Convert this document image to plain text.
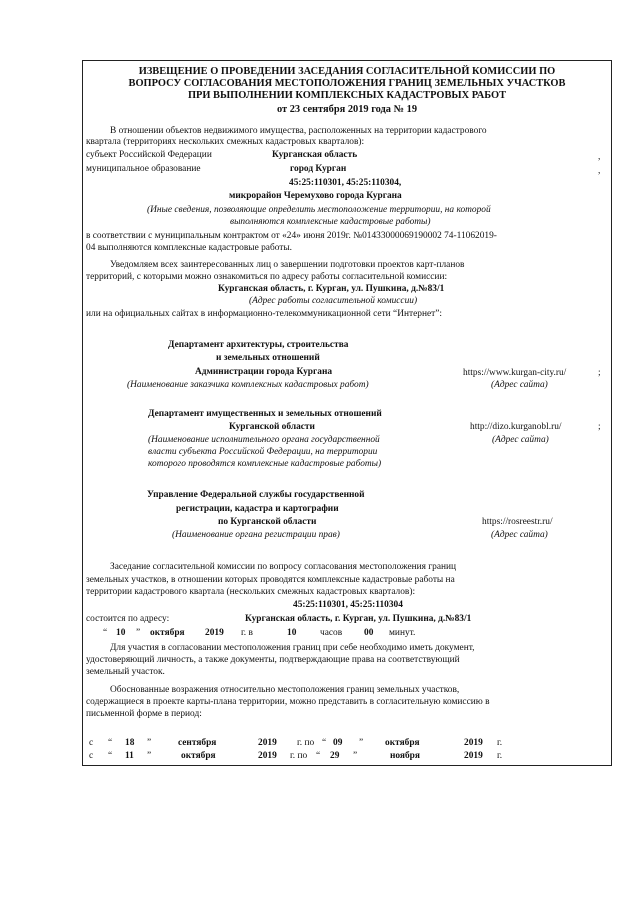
ИЗВЕЩЕНИЕ О ПРОВЕДЕНИИ ЗАСЕДАНИЯ СОГЛАСИТЕЛЬНОЙ КОМИССИИ ПО
ВОПРОСУ СОГЛАСОВАНИЯ МЕСТОПОЛОЖЕНИЯ ГРАНИЦ ЗЕМЕЛЬНЫХ УЧАСТКОВ
ПРИ ВЫПОЛНЕНИИ КОМПЛЕКСНЫХ КАДАСТРОВЫХ РАБОТ
от 23 сентября 2019 года № 19
В отношении объектов недвижимого имущества, расположенных на территории кадастрового
квартала (территориях нескольких смежных кадастровых кварталов):
субъект Российской Федерации	Курганская область	,
муниципальное образование	город Курган	,
45:25:110301, 45:25:110304,
микрорайон Черемухово города Кургана
(Иные сведения, позволяющие определить местоположение территории, на которой
выполняются комплексные кадастровые работы)
в соответствии с муниципальным контрактом от «24» июня 2019г. №01433000069190002 74-11062019-
04 выполняются комплексные кадастровые работы.
Уведомляем всех заинтересованных лиц о завершении подготовки проектов карт-планов
территорий, с которыми можно ознакомиться по адресу работы согласительной комиссии:
Курганская область, г. Курган, ул. Пушкина, д.№83/1
(Адрес работы согласительной комиссии)
или на официальных сайтах в информационно-телекоммуникационной сети “Интернет”:
Департамент архитектуры, строительства
и земельных отношений
Администрации города Кургана
(Наименование заказчика комплексных кадастровых работ)
https://www.kurgan-city.ru/	;
(Адрес сайта)
Департамент имущественных и земельных отношений
Курганской области
(Наименование исполнительного органа государственной
власти субъекта Российской Федерации, на территории
которого проводятся комплексные кадастровые работы)
http://dizo.kurganobl.ru/	;
(Адрес сайта)
Управление Федеральной службы государственной
регистрации, кадастра и картографии
по Курганской области
(Наименование органа регистрации прав)
https://rosreestr.ru/
(Адрес сайта)
Заседание согласительной комиссии по вопросу согласования местоположения границ
земельных участков, в отношении которых проводятся комплексные кадастровые работы на
территории кадастрового квартала (нескольких смежных кадастровых кварталов):
45:25:110301, 45:25:110304
состоится по адресу:	Курганская область, г. Курган, ул. Пушкина, д.№83/1
“ 10 ” октября 2019 г. в	10	часов 00 минут.
Для участия в согласовании местоположения границ при себе необходимо иметь документ,
удостоверяющий личность, а также документы, подтверждающие права на соответствующий
земельный участок.
Обоснованные возражения относительно местоположения границ земельных участков,
содержащиеся в проекте карты-плана территории, можно представить в согласительную комиссию в
письменной форме в период:
с “ 18 ”	сентября	2019 г. по “ 09 ” октября	2019 г.
с “ 11 ”	октября	2019 г. по “ 29 ”	ноября	2019 г.
